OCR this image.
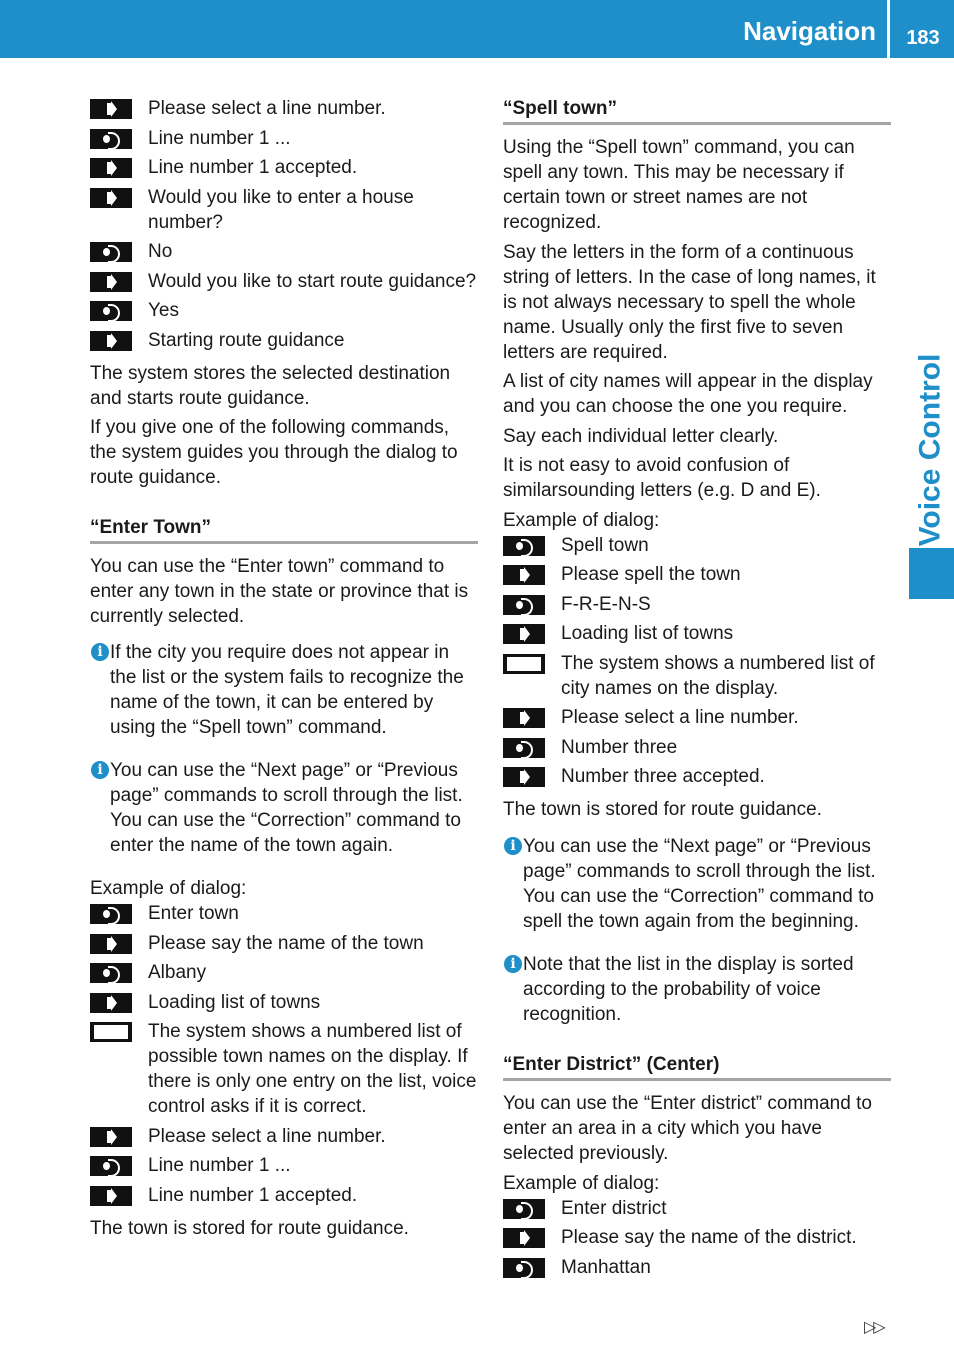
Navigation	183
Voice Control
Please select a line number.
Line number 1 ...
Line number 1 accepted.
Would you like to enter a house number?
No
Would you like to start route guidance?
Yes
Starting route guidance

The system stores the selected destination and starts route guidance.

If you give one of the following commands, the system guides you through the dialog to route guidance.

“Enter Town”

You can use the “Enter town” command to enter any town in the state or province that is currently selected.

i If the city you require does not appear in the list or the system fails to recognize the name of the town, it can be entered by using the “Spell town” command.
i You can use the “Next page” or “Previous page” commands to scroll through the list. You can use the “Correction” command to enter the name of the town again.

Example of dialog:

Enter town
Please say the name of the town
Albany
Loading list of towns
The system shows a numbered list of possible town names on the display. If there is only one entry on the list, voice control asks if it is correct.
Please select a line number.
Line number 1 ...
Line number 1 accepted.

The town is stored for route guidance.

“Spell town”

Using the “Spell town” command, you can spell any town. This may be necessary if certain town or street names are not recognized.

Say the letters in the form of a continuous string of letters. In the case of long names, it is not always necessary to spell the whole name. Usually only the first five to seven letters are required.

A list of city names will appear in the display and you can choose the one you require.

Say each individual letter clearly.

It is not easy to avoid confusion of similarsounding letters (e.g. D and E).

Example of dialog:

Spell town
Please spell the town
F-R-E-N-S
Loading list of towns
The system shows a numbered list of city names on the display.
Please select a line number.
Number three
Number three accepted.

The town is stored for route guidance.

i You can use the “Next page” or “Previous page” commands to scroll through the list. You can use the “Correction” command to spell the town again from the beginning.
i Note that the list in the display is sorted according to the probability of voice recognition.
“Enter District” (Center)

You can use the “Enter district” command to enter an area in a city which you have selected previously.

Example of dialog:

Enter district
Please say the name of the district.
Manhattan
▷▷
